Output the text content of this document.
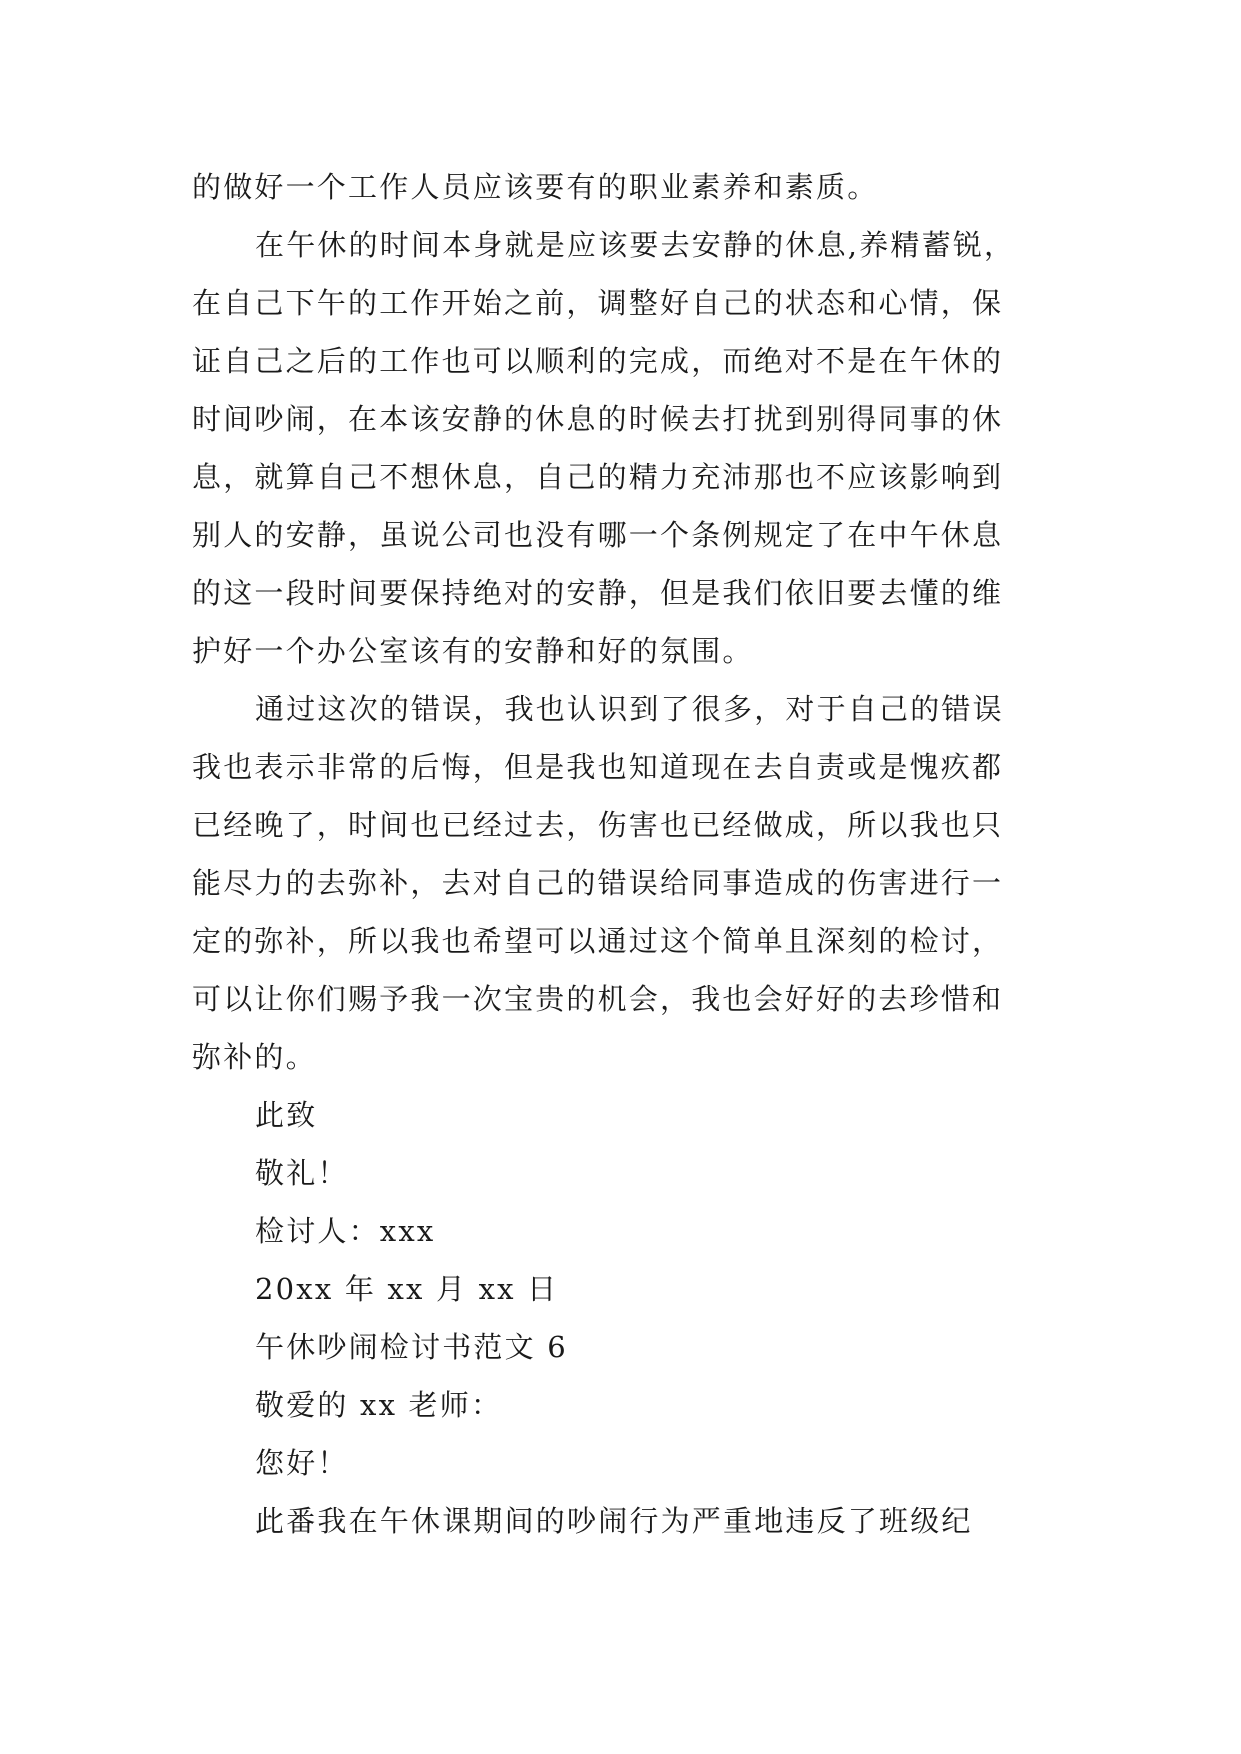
的做好一个工作人员应该要有的职业素养和素质。
在午休的时间本身就是应该要去安静的休息,养精蓄锐，
在自己下午的工作开始之前，调整好自己的状态和心情，保
证自己之后的工作也可以顺利的完成，而绝对不是在午休的
时间吵闹，在本该安静的休息的时候去打扰到别得同事的休
息，就算自己不想休息，自己的精力充沛那也不应该影响到
别人的安静，虽说公司也没有哪一个条例规定了在中午休息
的这一段时间要保持绝对的安静，但是我们依旧要去懂的维
护好一个办公室该有的安静和好的氛围。
通过这次的错误，我也认识到了很多，对于自己的错误
我也表示非常的后悔，但是我也知道现在去自责或是愧疚都
已经晚了，时间也已经过去，伤害也已经做成，所以我也只
能尽力的去弥补，去对自己的错误给同事造成的伤害进行一
定的弥补，所以我也希望可以通过这个简单且深刻的检讨，
可以让你们赐予我一次宝贵的机会，我也会好好的去珍惜和
弥补的。
此致
敬礼！
检讨人：xxx
20xx 年 xx 月 xx 日
午休吵闹检讨书范文 6
敬爱的 xx 老师：
您好！
此番我在午休课期间的吵闹行为严重地违反了班级纪
